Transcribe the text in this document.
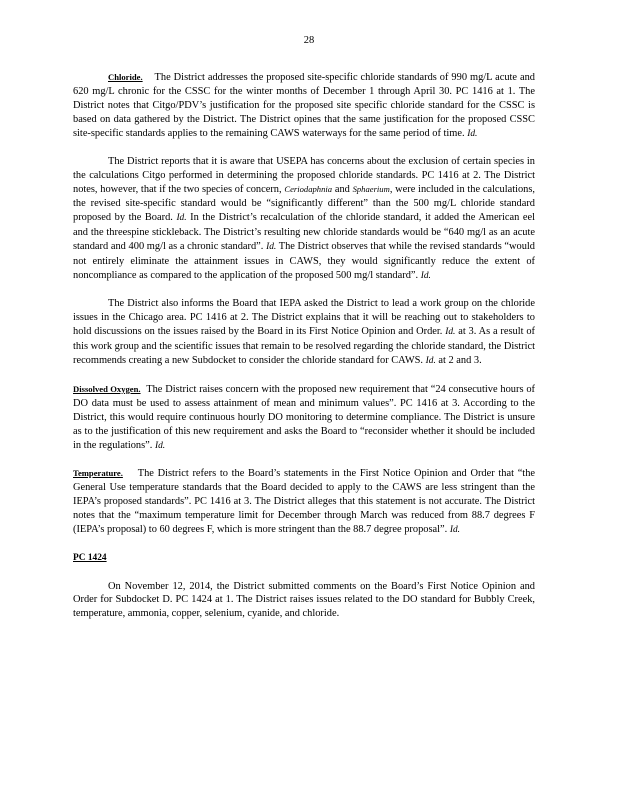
28

Chloride. The District addresses the proposed site-specific chloride standards of 990 mg/L acute and 620 mg/L chronic for the CSSC for the winter months of December 1 through April 30. PC 1416 at 1. The District notes that Citgo/PDV’s justification for the proposed site specific chloride standard for the CSSC is based on data gathered by the District. The District opines that the same justification for the proposed CSSC site-specific standards applies to the remaining CAWS waterways for the same period of time. Id.

The District reports that it is aware that USEPA has concerns about the exclusion of certain species in the calculations Citgo performed in determining the proposed chloride standards. PC 1416 at 2. The District notes, however, that if the two species of concern, Ceriodaphnia and Sphaerium, were included in the calculations, the revised site-specific standard would be “significantly different” than the 500 mg/L chloride standard proposed by the Board. Id. In the District’s recalculation of the chloride standard, it added the American eel and the threespine stickleback. The District’s resulting new chloride standards would be “640 mg/l as an acute standard and 400 mg/l as a chronic standard”. Id. The District observes that while the revised standards “would not entirely eliminate the attainment issues in CAWS, they would significantly reduce the extent of noncompliance as compared to the application of the proposed 500 mg/l standard”. Id.

The District also informs the Board that IEPA asked the District to lead a work group on the chloride issues in the Chicago area. PC 1416 at 2. The District explains that it will be reaching out to stakeholders to hold discussions on the issues raised by the Board in its First Notice Opinion and Order. Id. at 3. As a result of this work group and the scientific issues that remain to be resolved regarding the chloride standard, the District recommends creating a new Subdocket to consider the chloride standard for CAWS. Id. at 2 and 3.

Dissolved Oxygen. The District raises concern with the proposed new requirement that “24 consecutive hours of DO data must be used to assess attainment of mean and minimum values”. PC 1416 at 3. According to the District, this would require continuous hourly DO monitoring to determine compliance. The District is unsure as to the justification of this new requirement and asks the Board to “reconsider whether it should be included in the regulations”. Id.

Temperature. The District refers to the Board’s statements in the First Notice Opinion and Order that “the General Use temperature standards that the Board decided to apply to the CAWS are less stringent than the IEPA’s proposed standards”. PC 1416 at 3. The District alleges that this statement is not accurate. The District notes that the “maximum temperature limit for December through March was reduced from 88.7 degrees F (IEPA’s proposal) to 60 degrees F, which is more stringent than the 88.7 degree proposal”. Id.

PC 1424

On November 12, 2014, the District submitted comments on the Board’s First Notice Opinion and Order for Subdocket D. PC 1424 at 1. The District raises issues related to the DO standard for Bubbly Creek, temperature, ammonia, copper, selenium, cyanide, and chloride.
